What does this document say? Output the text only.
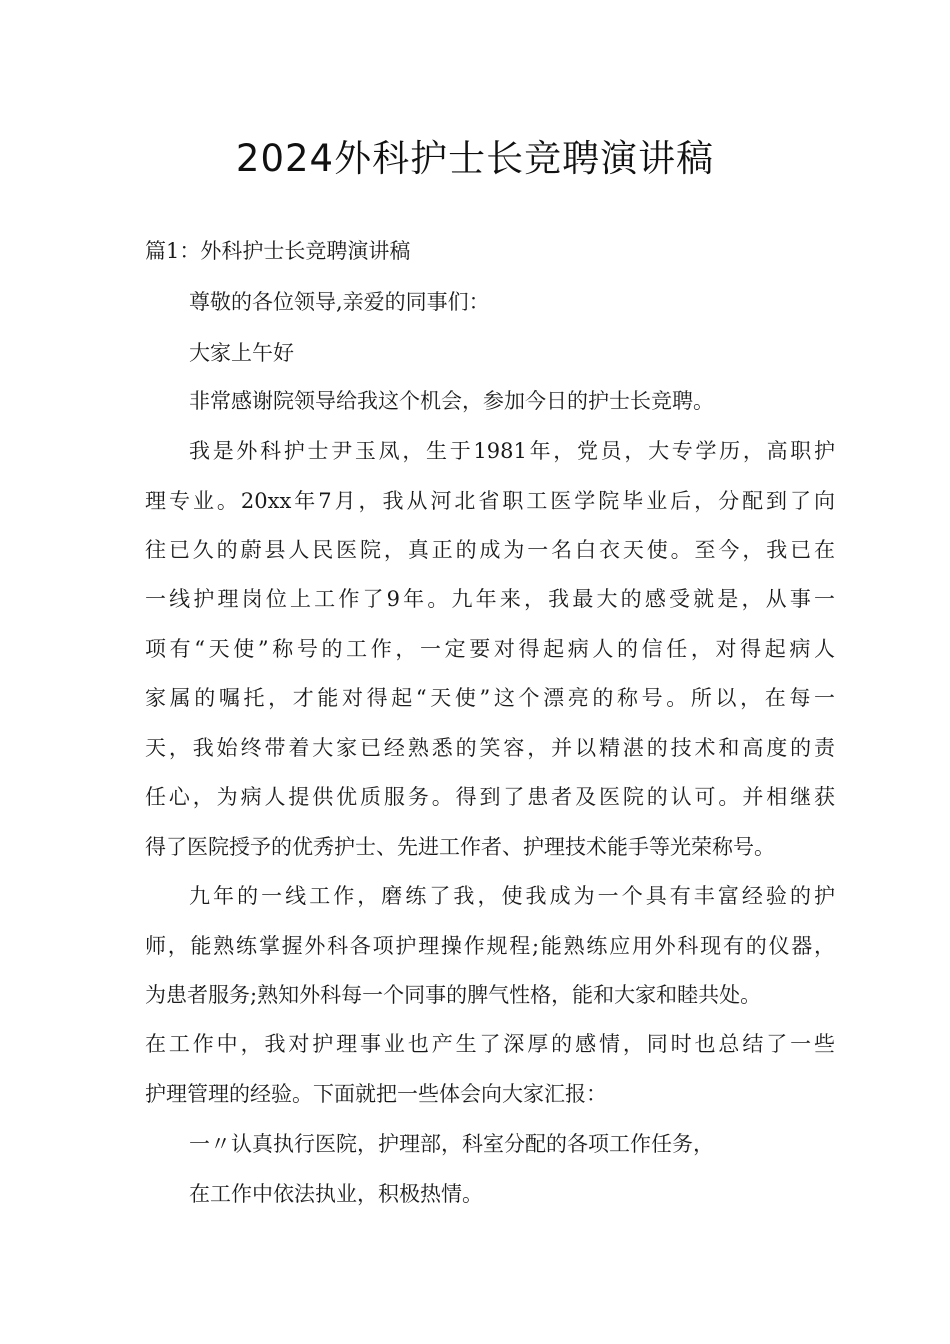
2024外科护士长竞聘演讲稿

篇1：外科护士长竞聘演讲稿

尊敬的各位领导,亲爱的同事们：

大家上午好

非常感谢院领导给我这个机会，参加今日的护士长竞聘。

我是外科护士尹玉凤，生于1981年，党员，大专学历，高职护

理专业。20xx年7月，我从河北省职工医学院毕业后，分配到了向

往已久的蔚县人民医院，真正的成为一名白衣天使。至今，我已在

一线护理岗位上工作了9年。九年来，我最大的感受就是，从事一

项有“天使”称号的工作，一定要对得起病人的信任，对得起病人

家属的嘱托，才能对得起“天使”这个漂亮的称号。所以，在每一

天，我始终带着大家已经熟悉的笑容，并以精湛的技术和高度的责

任心，为病人提供优质服务。得到了患者及医院的认可。并相继获

得了医院授予的优秀护士、先进工作者、护理技术能手等光荣称号。

九年的一线工作，磨练了我，使我成为一个具有丰富经验的护

师，能熟练掌握外科各项护理操作规程;能熟练应用外科现有的仪器，

为患者服务;熟知外科每一个同事的脾气性格，能和大家和睦共处。

在工作中，我对护理事业也产生了深厚的感情，同时也总结了一些

护理管理的经验。下面就把一些体会向大家汇报：

一〃认真执行医院，护理部，科室分配的各项工作任务，

在工作中依法执业，积极热情。
